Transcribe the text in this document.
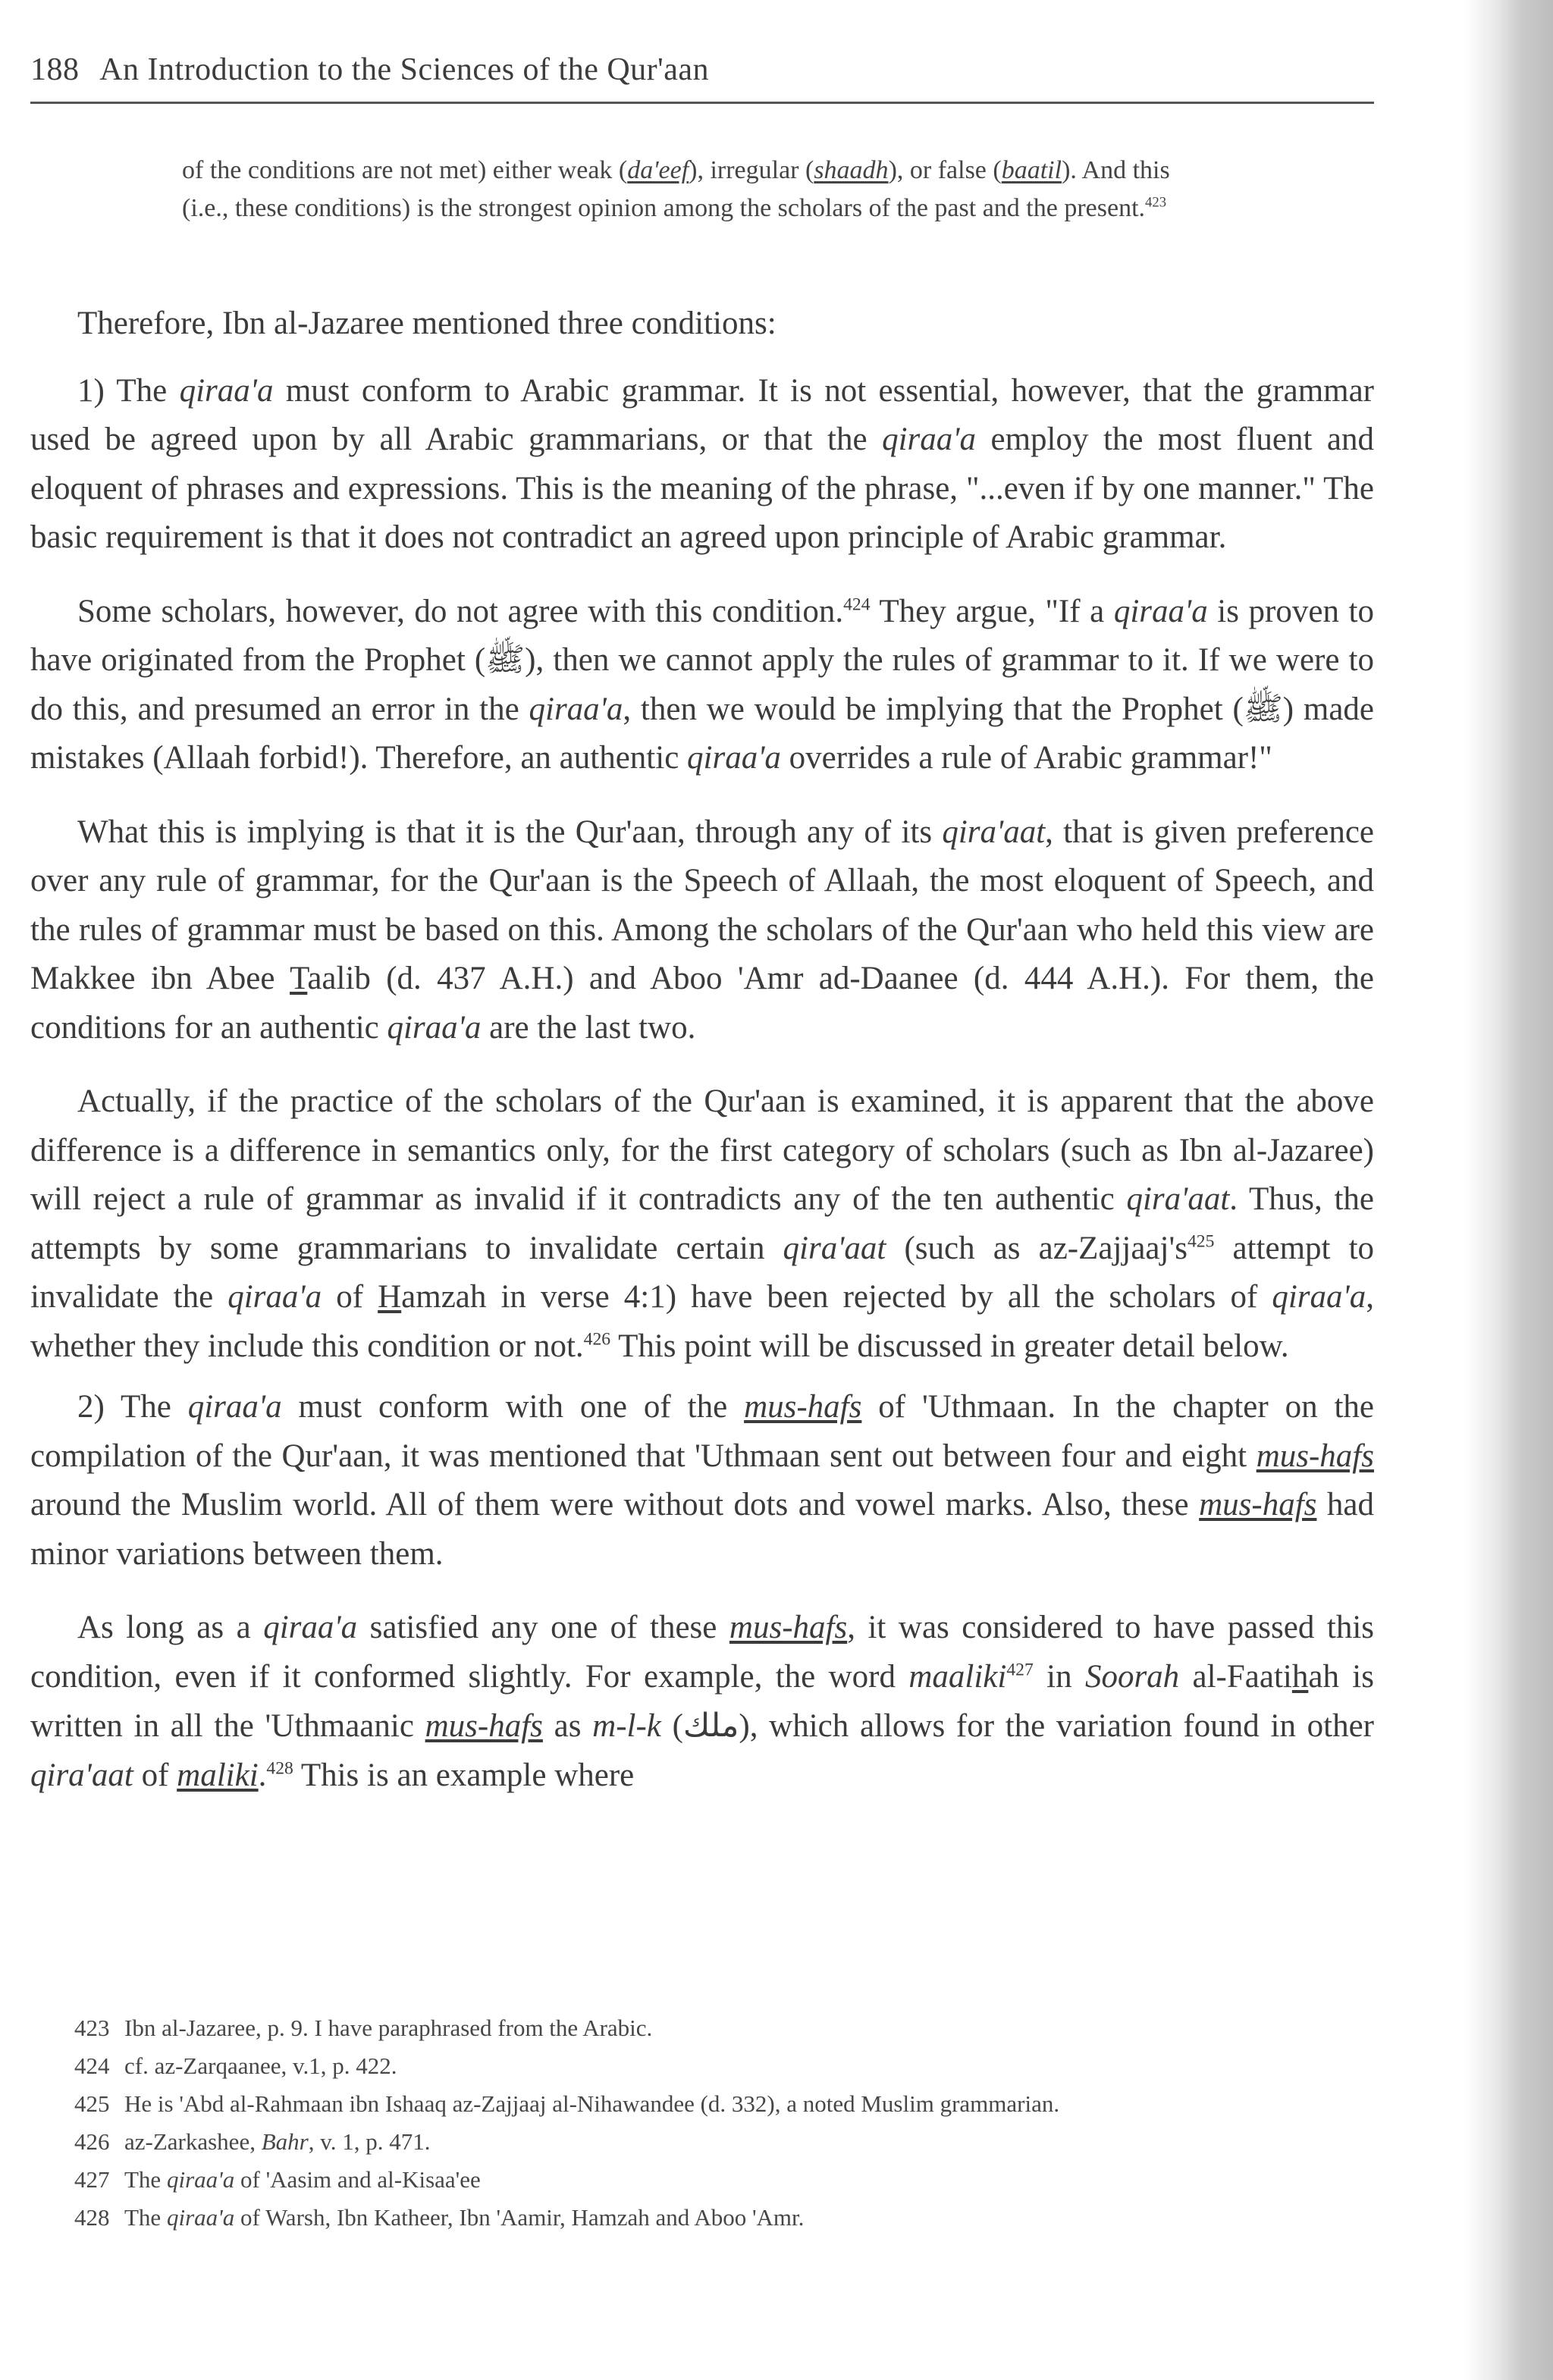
188 An Introduction to the Sciences of the Qur'aan
of the conditions are not met) either weak (da'eef), irregular (shaadh), or false (baatil). And this (i.e., these conditions) is the strongest opinion among the scholars of the past and the present.$^{423}$

Therefore, Ibn al-Jazaree mentioned three conditions:

1) The qiraa'a must conform to Arabic grammar. It is not essential, however, that the grammar used be agreed upon by all Arabic grammarians, or that the qiraa'a employ the most fluent and eloquent of phrases and expressions. This is the meaning of the phrase, "...even if by one manner." The basic requirement is that it does not contradict an agreed upon principle of Arabic grammar.

Some scholars, however, do not agree with this condition.$^{424}$ They argue, "If a qiraa'a is proven to have originated from the Prophet (ﷺ), then we cannot apply the rules of grammar to it. If we were to do this, and presumed an error in the qiraa'a, then we would be implying that the Prophet (ﷺ) made mistakes (Allaah forbid!). Therefore, an authentic qiraa'a overrides a rule of Arabic grammar!"

What this is implying is that it is the Qur'aan, through any of its qira'aat, that is given preference over any rule of grammar, for the Qur'aan is the Speech of Allaah, the most eloquent of Speech, and the rules of grammar must be based on this. Among the scholars of the Qur'aan who held this view are Makkee ibn Abee Taalib (d. 437 A.H.) and Aboo 'Amr ad-Daanee (d. 444 A.H.). For them, the conditions for an authentic qiraa'a are the last two.

Actually, if the practice of the scholars of the Qur'aan is examined, it is apparent that the above difference is a difference in semantics only, for the first category of scholars (such as Ibn al-Jazaree) will reject a rule of grammar as invalid if it contradicts any of the ten authentic qira'aat. Thus, the attempts by some grammarians to invalidate certain qira'aat (such as $az-Zajjaaj's^{425}$ attempt to invalidate the qiraa'a of Hamzah in verse 4:1) have been rejected by all the scholars of qiraa'a, whether they include this condition or not.$^{426}$ This point will be discussed in greater detail below.

2) The qiraa'a must conform with one of the mus-hafs of 'Uthmaan. In the chapter on the compilation of the Qur'aan, it was mentioned that 'Uthmaan sent out between four and eight mus-hafs around the Muslim world. All of them were without dots and vowel marks. Also, these mus-hafs had minor variations between them.

As long as a qiraa'a satisfied any one of these mus-hafs, it was considered to have passed this condition, even if it conformed slightly. For example, the word maaliki$^{427}$ in Soorah al-Faatihah is written in all the 'Uthmaanic mus-hafs as m-l-k (ملك), which allows for the variation found in other qira'aat of maliki.$^{428}$ This is an example where

423 Ibn al-Jazaree, p. 9. I have paraphrased from the Arabic.

424 cf. az-Zarqaanee, v.1, p. 422.

425 He is 'Abd al-Rahmaan ibn Ishaaq az-Zajjaaj al-Nihawandee (d. 332), a noted Muslim grammarian.

426 az-Zarkashee, Bahr, v. 1, p. 471.

427 The qiraa'a of 'Aasim and al-Kisaa'ee

428 The qiraa'a of Warsh, Ibn Katheer, Ibn 'Aamir, Hamzah and Aboo 'Amr.
